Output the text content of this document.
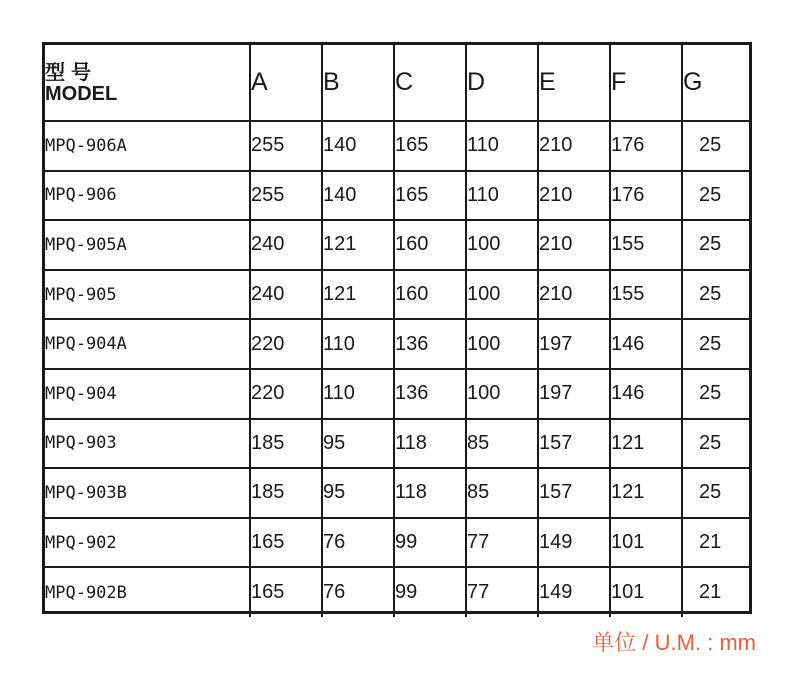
型号
MODEL	A	B	C	D	E	F	G
MPQ-906A	255	140	165	110	210	176	25
MPQ-906	255	140	165	110	210	176	25
MPQ-905A	240	121	160	100	210	155	25
MPQ-905	240	121	160	100	210	155	25
MPQ-904A	220	110	136	100	197	146	25
MPQ-904	220	110	136	100	197	146	25
MPQ-903	185	95	118	85	157	121	25
MPQ-903B	185	95	118	85	157	121	25
MPQ-902	165	76	99	77	149	101	21
MPQ-902B	165	76	99	77	149	101	21
单位 / U.M. : mm
